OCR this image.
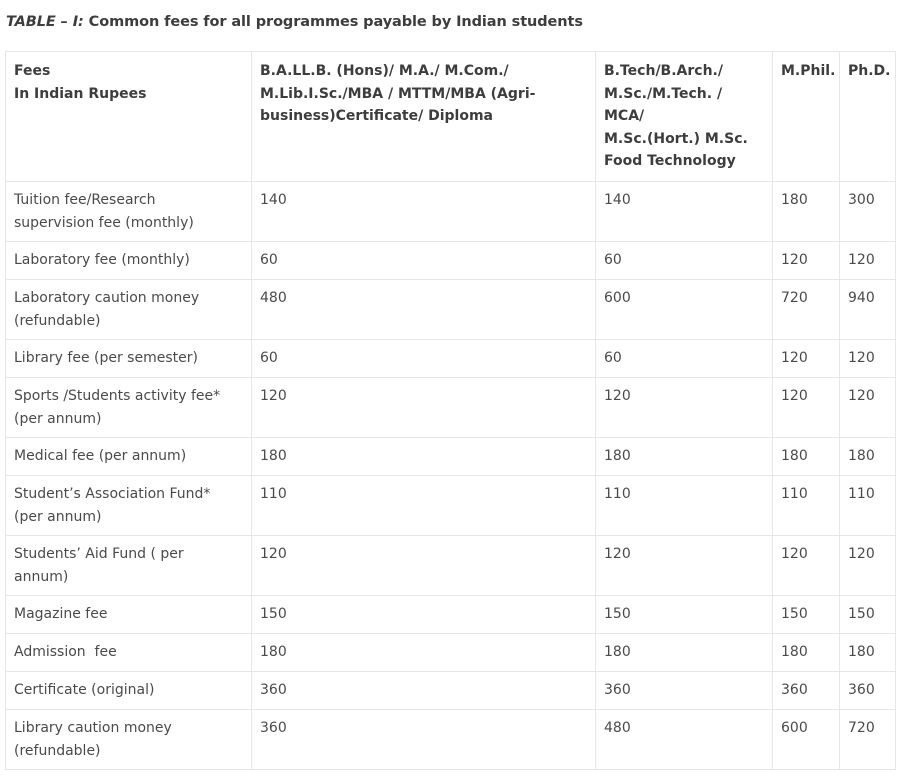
TABLE – I: Common fees for all programmes payable by Indian students
Fees
In Indian Rupees	B.A.LL.B. (Hons)/ M.A./ M.Com./
M.Lib.I.Sc./MBA / MTTM/MBA (Agri-
business)Certificate/ Diploma	B.Tech/B.Arch./
M.Sc./M.Tech. /
MCA/
M.Sc.(Hort.) M.Sc.
Food Technology	M.Phil.	Ph.D.

Tuition fee/Research
supervision fee (monthly)	140	140	180	300
Laboratory fee (monthly)	60	60	120	120

Laboratory caution money
(refundable)	480	600	720	940
Library fee (per semester)	60	60	120	120

Sports /Students activity fee*
(per annum)	120	120	120	120
Medical fee (per annum)	180	180	180	180

Student’s Association Fund*
(per annum)	110	110	110	110

Students’ Aid Fund ( per
annum)	120	120	120	120
Magazine fee	150	150	150	150
Admission  fee	180	180	180	180
Certificate (original)	360	360	360	360

Library caution money
(refundable)	360	480	600	720
